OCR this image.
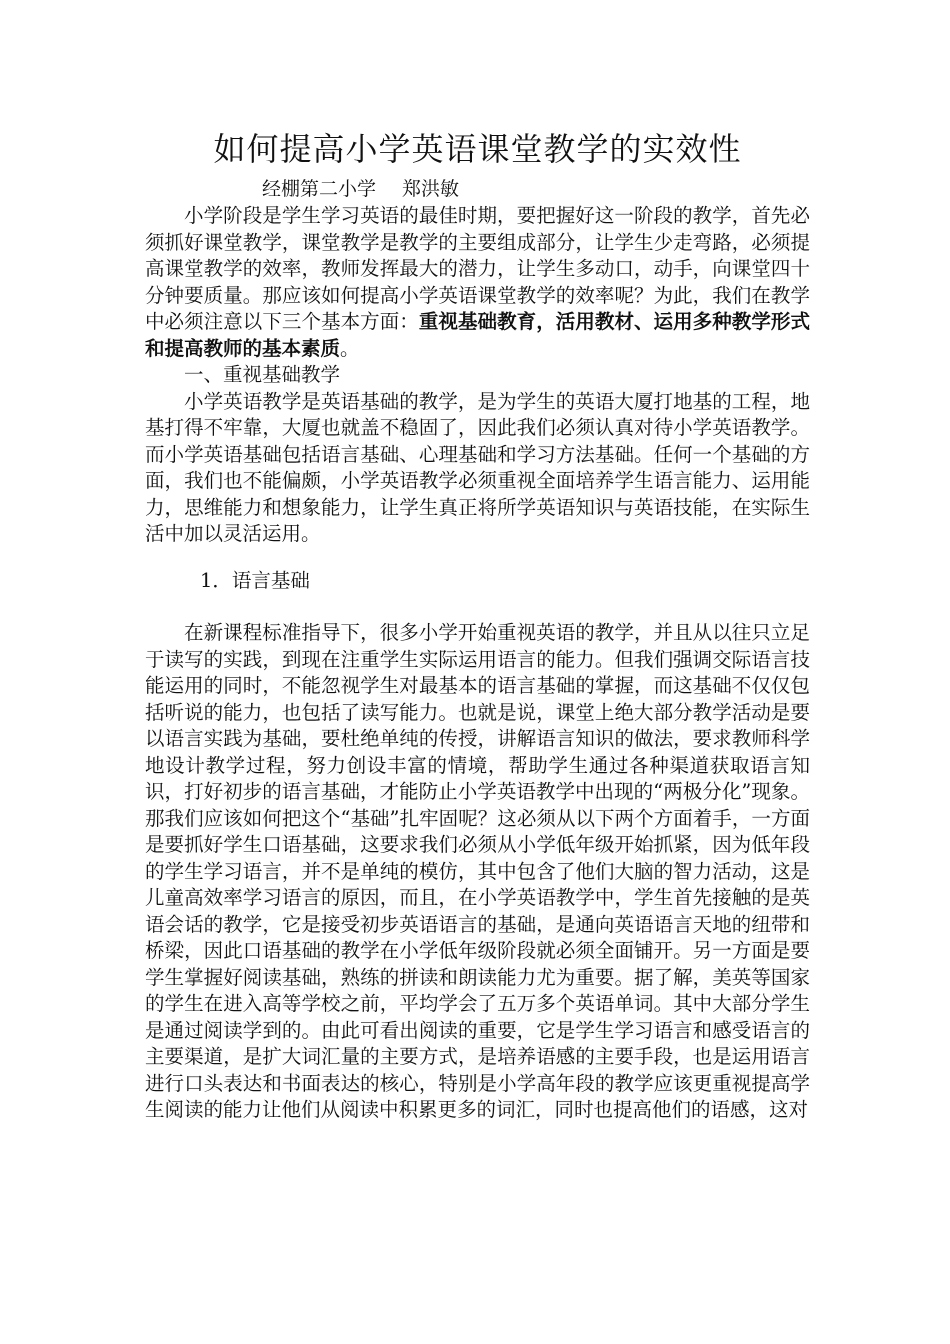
如何提高小学英语课堂教学的实效性
经棚第二小学 郑洪敏

小学阶段是学生学习英语的最佳时期，要把握好这一阶段的教学，首先必须抓好课堂教学，课堂教学是教学的主要组成部分，让学生少走弯路，必须提高课堂教学的效率，教师发挥最大的潜力，让学生多动口，动手，向课堂四十分钟要质量。那应该如何提高小学英语课堂教学的效率呢？为此，我们在教学中必须注意以下三个基本方面：重视基础教育，活用教材、运用多种教学形式和提高教师的基本素质。

一、重视基础教学

小学英语教学是英语基础的教学，是为学生的英语大厦打地基的工程，地基打得不牢靠，大厦也就盖不稳固了，因此我们必须认真对待小学英语教学。而小学英语基础包括语言基础、心理基础和学习方法基础。任何一个基础的方面，我们也不能偏颇，小学英语教学必须重视全面培养学生语言能力、运用能力，思维能力和想象能力，让学生真正将所学英语知识与英语技能，在实际生活中加以灵活运用。

1．语言基础

在新课程标准指导下，很多小学开始重视英语的教学，并且从以往只立足于读写的实践，到现在注重学生实际运用语言的能力。但我们强调交际语言技能运用的同时，不能忽视学生对最基本的语言基础的掌握，而这基础不仅仅包括听说的能力，也包括了读写能力。也就是说，课堂上绝大部分教学活动是要以语言实践为基础，要杜绝单纯的传授，讲解语言知识的做法，要求教师科学地设计教学过程，努力创设丰富的情境，帮助学生通过各种渠道获取语言知识，打好初步的语言基础，才能防止小学英语教学中出现的“两极分化”现象。那我们应该如何把这个“基础”扎牢固呢？这必须从以下两个方面着手，一方面是要抓好学生口语基础，这要求我们必须从小学低年级开始抓紧，因为低年段的学生学习语言，并不是单纯的模仿，其中包含了他们大脑的智力活动，这是儿童高效率学习语言的原因，而且，在小学英语教学中，学生首先接触的是英语会话的教学，它是接受初步英语语言的基础，是通向英语语言天地的纽带和桥梁，因此口语基础的教学在小学低年级阶段就必须全面铺开。另一方面是要学生掌握好阅读基础，熟练的拼读和朗读能力尤为重要。据了解，美英等国家的学生在进入高等学校之前，平均学会了五万多个英语单词。其中大部分学生是通过阅读学到的。由此可看出阅读的重要，它是学生学习语言和感受语言的主要渠道，是扩大词汇量的主要方式，是培养语感的主要手段，也是运用语言进行口头表达和书面表达的核心，特别是小学高年段的教学应该更重视提高学生阅读的能力让他们从阅读中积累更多的词汇，同时也提高他们的语感，这对
